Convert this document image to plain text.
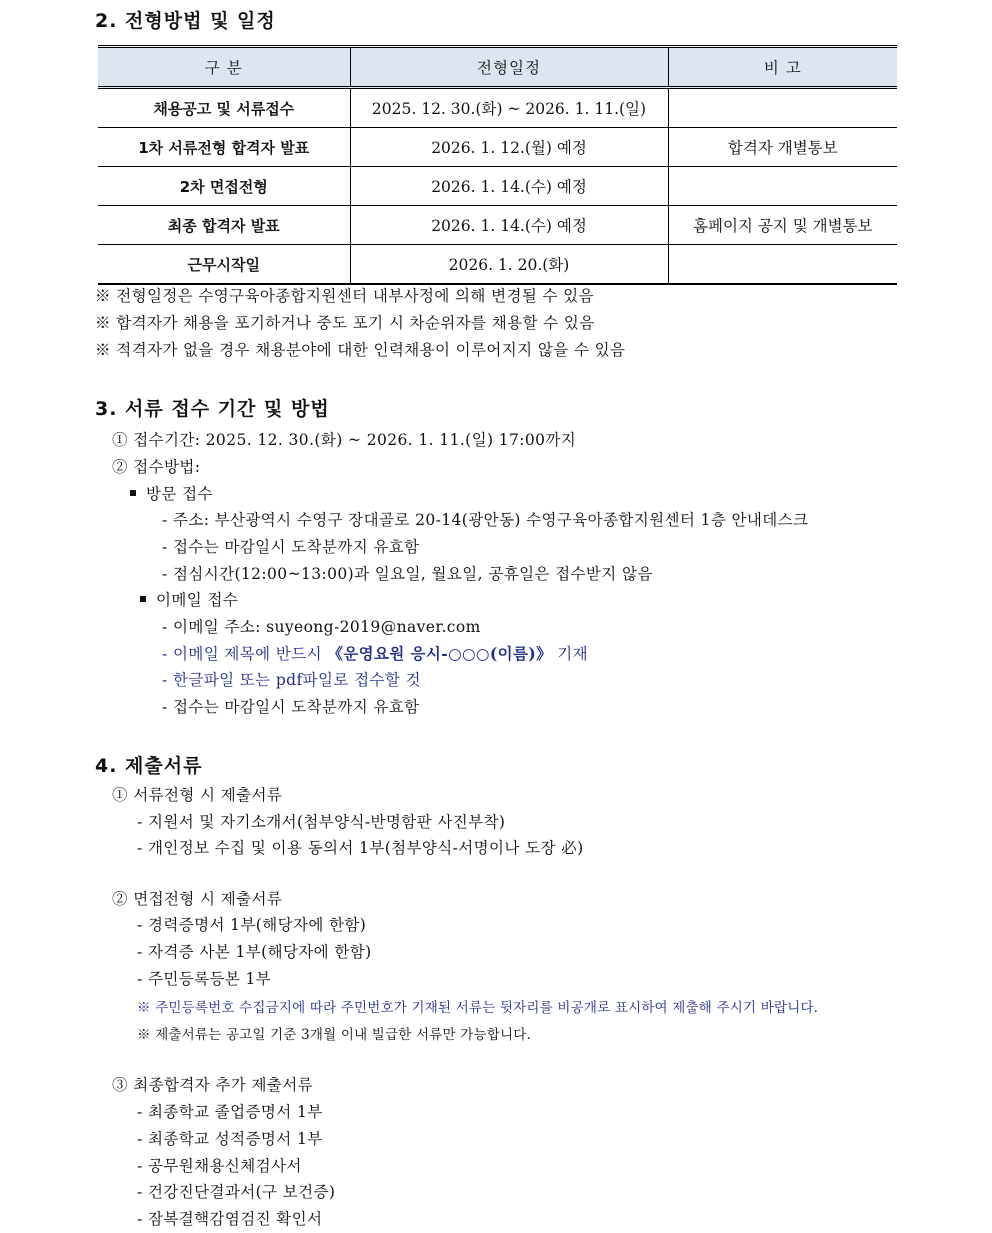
2. 전형방법 및 일정
구 분	전형일정	비 고
채용공고 및 서류접수	2025. 12. 30.(화) ~ 2026. 1. 11.(일)	
1차 서류전형 합격자 발표	2026. 1. 12.(월) 예정	합격자 개별통보
2차 면접전형	2026. 1. 14.(수) 예정	
최종 합격자 발표	2026. 1. 14.(수) 예정	홈페이지 공지 및 개별통보
근무시작일	2026. 1. 20.(화)	
※ 전형일정은 수영구육아종합지원센터 내부사정에 의해 변경될 수 있음
※ 합격자가 채용을 포기하거나 중도 포기 시 차순위자를 채용할 수 있음
※ 적격자가 없을 경우 채용분야에 대한 인력채용이 이루어지지 않을 수 있음
3. 서류 접수 기간 및 방법
① 접수기간: 2025. 12. 30.(화) ~ 2026. 1. 11.(일) 17:00까지
② 접수방법:
방문 접수
- 주소: 부산광역시 수영구 장대골로 20-14(광안동) 수영구육아종합지원센터 1층 안내데스크
- 접수는 마감일시 도착분까지 유효함
- 점심시간(12:00~13:00)과 일요일, 월요일, 공휴일은 접수받지 않음
이메일 접수
- 이메일 주소: suyeong-2019@naver.com
- 이메일 제목에 반드시 《운영요원 응시-○○○(이름)》 기재
- 한글파일 또는 pdf파일로 접수할 것
- 접수는 마감일시 도착분까지 유효함
4. 제출서류
① 서류전형 시 제출서류
- 지원서 및 자기소개서(첨부양식-반명함판 사진부착)
- 개인정보 수집 및 이용 동의서 1부(첨부양식-서명이나 도장 必)
② 면접전형 시 제출서류
- 경력증명서 1부(해당자에 한함)
- 자격증 사본 1부(해당자에 한함)
- 주민등록등본 1부
※ 주민등록번호 수집금지에 따라 주민번호가 기재된 서류는 뒷자리를 비공개로 표시하여 제출해 주시기 바랍니다.
※ 제출서류는 공고일 기준 3개월 이내 빌급한 서류만 가능합니다.
③ 최종합격자 추가 제출서류
- 최종학교 졸업증명서 1부
- 최종학교 성적증명서 1부
- 공무원채용신체검사서
- 건강진단결과서(구 보건증)
- 잠복결핵감염검진 확인서
